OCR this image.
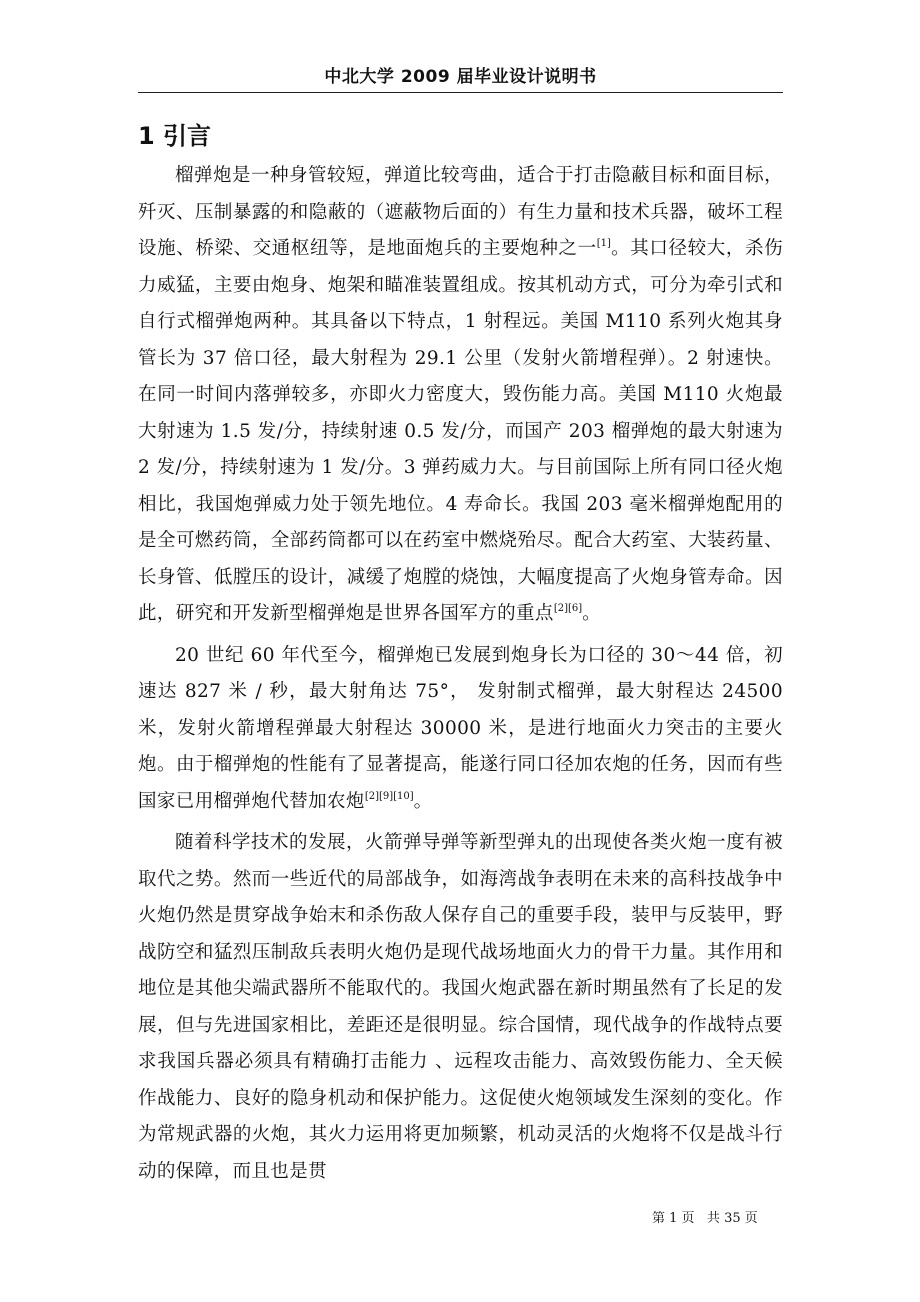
中北大学 2009 届毕业设计说明书
1 引言

榴弹炮是一种身管较短，弹道比较弯曲，适合于打击隐蔽目标和面目标，歼灭、压制暴露的和隐蔽的（遮蔽物后面的）有生力量和技术兵器，破坏工程设施、桥梁、交通枢纽等，是地面炮兵的主要炮种之一[1]。其口径较大，杀伤力威猛，主要由炮身、炮架和瞄准装置组成。按其机动方式，可分为牵引式和自行式榴弹炮两种。其具备以下特点，1 射程远。美国 M110 系列火炮其身管长为 37 倍口径，最大射程为 29.1 公里（发射火箭增程弹）。2 射速快。在同一时间内落弹较多，亦即火力密度大，毁伤能力高。美国 M110 火炮最大射速为 1.5 发/分，持续射速 0.5 发/分，而国产 203 榴弹炮的最大射速为 2 发/分，持续射速为 1 发/分。3 弹药威力大。与目前国际上所有同口径火炮相比，我国炮弹威力处于领先地位。4 寿命长。我国 203 毫米榴弹炮配用的是全可燃药筒，全部药筒都可以在药室中燃烧殆尽。配合大药室、大装药量、长身管、低膛压的设计，减缓了炮膛的烧蚀，大幅度提高了火炮身管寿命。因此，研究和开发新型榴弹炮是世界各国军方的重点[2][6]。

20 世纪 60 年代至今，榴弹炮已发展到炮身长为口径的 30～44 倍，初速达 827 米 / 秒，最大射角达 75°， 发射制式榴弹，最大射程达 24500 米，发射火箭增程弹最大射程达 30000 米，是进行地面火力突击的主要火炮。由于榴弹炮的性能有了显著提高，能遂行同口径加农炮的任务，因而有些国家已用榴弹炮代替加农炮[2][9][10]。

随着科学技术的发展，火箭弹导弹等新型弹丸的出现使各类火炮一度有被取代之势。然而一些近代的局部战争，如海湾战争表明在未来的高科技战争中火炮仍然是贯穿战争始末和杀伤敌人保存自己的重要手段，装甲与反装甲，野战防空和猛烈压制敌兵表明火炮仍是现代战场地面火力的骨干力量。其作用和地位是其他尖端武器所不能取代的。我国火炮武器在新时期虽然有了长足的发展，但与先进国家相比，差距还是很明显。综合国情，现代战争的作战特点要求我国兵器必须具有精确打击能力 、远程攻击能力、高效毁伤能力、全天候作战能力、良好的隐身机动和保护能力。这促使火炮领域发生深刻的变化。作为常规武器的火炮，其火力运用将更加频繁，机动灵活的火炮将不仅是战斗行动的保障，而且也是贯

第 1 页   共 35 页
